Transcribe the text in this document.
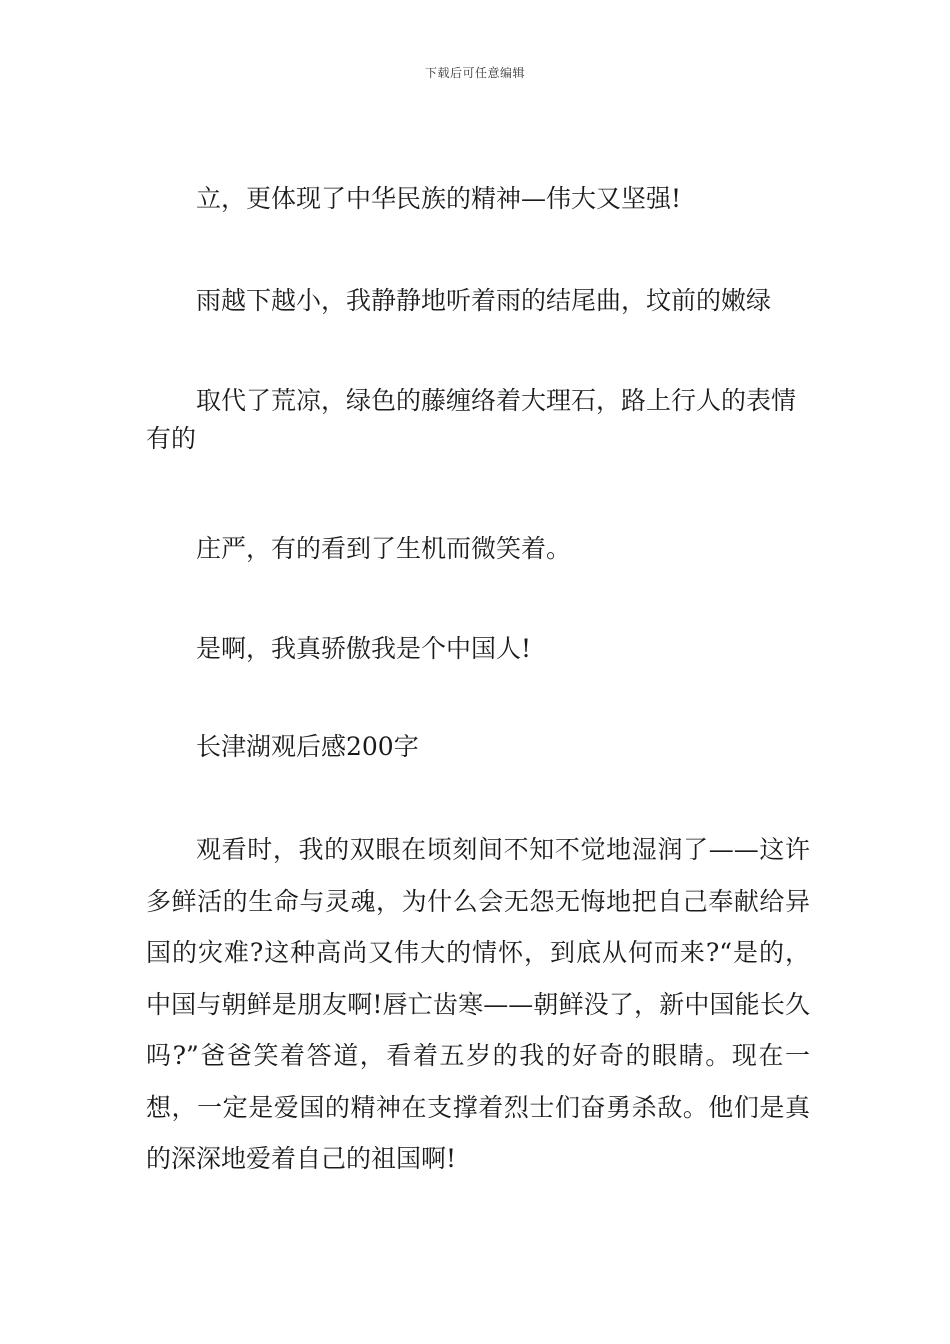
下载后可任意编辑

立，更体现了中华民族的精神—伟大又坚强!

雨越下越小，我静静地听着雨的结尾曲，坟前的嫩绿

取代了荒凉，绿色的藤缠络着大理石，路上行人的表情有的

庄严，有的看到了生机而微笑着。

是啊，我真骄傲我是个中国人!

长津湖观后感200字

观看时，我的双眼在顷刻间不知不觉地湿润了——这许多鲜活的生命与灵魂，为什么会无怨无悔地把自己奉献给异国的灾难?这种高尚又伟大的情怀，到底从何而来?“是的，中国与朝鲜是朋友啊!唇亡齿寒——朝鲜没了，新中国能长久吗?”爸爸笑着答道，看着五岁的我的好奇的眼睛。现在一想，一定是爱国的精神在支撑着烈士们奋勇杀敌。他们是真的深深地爱着自己的祖国啊!
